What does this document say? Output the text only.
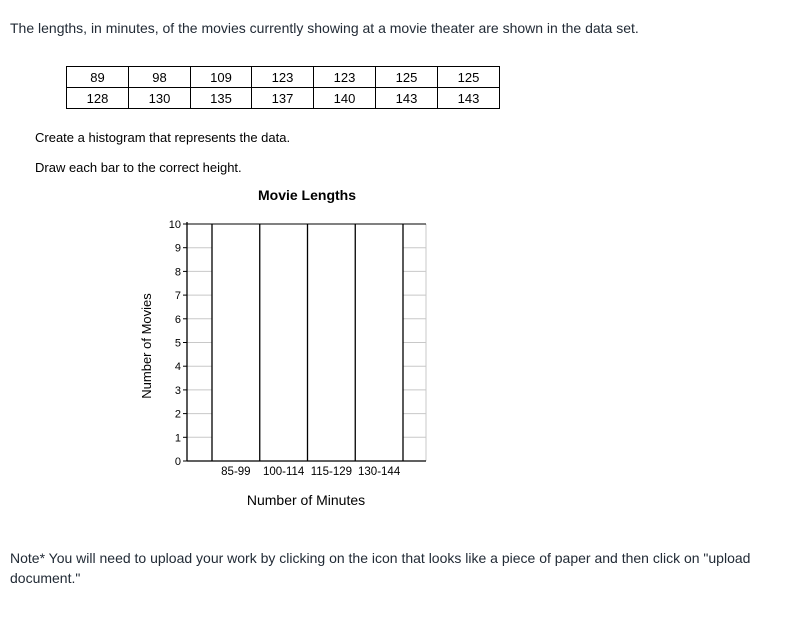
The lengths, in minutes, of the movies currently showing at a movie theater are shown in the data set.
89	98	109	123	123	125	125
128	130	135	137	140	143	143
Create a histogram that represents the data.
Draw each bar to the correct height.
Movie Lengths
Number of Movies
Number of Minutes
0
1
2
3
4
5
6
7
8
9
10
85-99 100-114 115-129 130-144
Note* You will need to upload your work by clicking on the icon that looks like a piece of paper and then click on "upload document."
